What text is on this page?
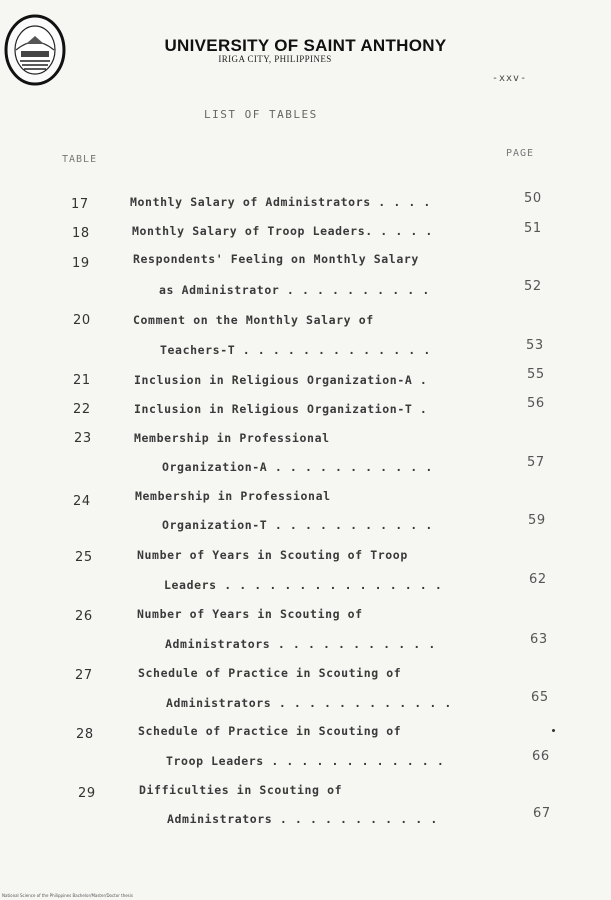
UNIVERSITY OF SAINT ANTHONY
IRIGA CITY, PHILIPPINES
-xxv-
LIST OF TABLES
TABLE
PAGE
17	Monthly Salary of Administrators . . . .	50
18	Monthly Salary of Troop Leaders. . . . .	51
19	Respondents' Feeling on Monthly Salary
as Administrator . . . . . . . . . .	52
20	Comment on the Monthly Salary of
Teachers-T . . . . . . . . . . . . .	53
21	Inclusion in Religious Organization-A .	55
22	Inclusion in Religious Organization-T .	56
23	Membership in Professional
Organization-A . . . . . . . . . . .	57
24	Membership in Professional
Organization-T . . . . . . . . . . .	59
25	Number of Years in Scouting of Troop
Leaders . . . . . . . . . . . . . . .	62
26	Number of Years in Scouting of
Administrators . . . . . . . . . . .	63
27	Schedule of Practice in Scouting of
Administrators . . . . . . . . . . . .	65
28	Schedule of Practice in Scouting of
Troop Leaders . . . . . . . . . . . .	66
29	Difficulties in Scouting of
Administrators . . . . . . . . . . .	67
National Science of the Philippines Bachelor/Master/Doctor thesis
